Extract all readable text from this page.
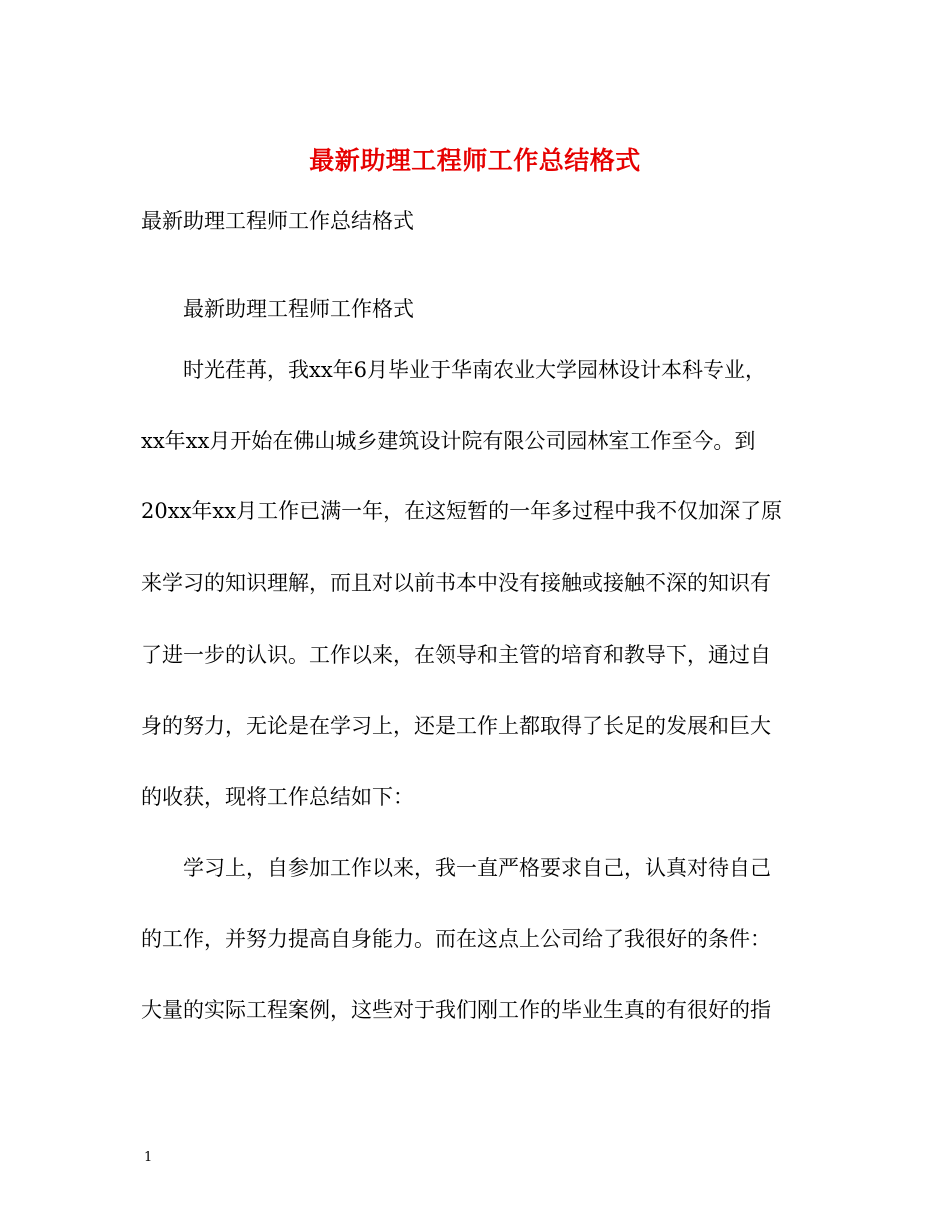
最新助理工程师工作总结格式
最新助理工程师工作总结格式
最新助理工程师工作格式
时光荏苒，我xx年6月毕业于华南农业大学园林设计本科专业，
xx年xx月开始在佛山城乡建筑设计院有限公司园林室工作至今。到
20xx年xx月工作已满一年，在这短暂的一年多过程中我不仅加深了原
来学习的知识理解，而且对以前书本中没有接触或接触不深的知识有
了进一步的认识。工作以来，在领导和主管的培育和教导下，通过自
身的努力，无论是在学习上，还是工作上都取得了长足的发展和巨大
的收获，现将工作总结如下：
学习上，自参加工作以来，我一直严格要求自己，认真对待自己
的工作，并努力提高自身能力。而在这点上公司给了我很好的条件：
大量的实际工程案例，这些对于我们刚工作的毕业生真的有很好的指
1
